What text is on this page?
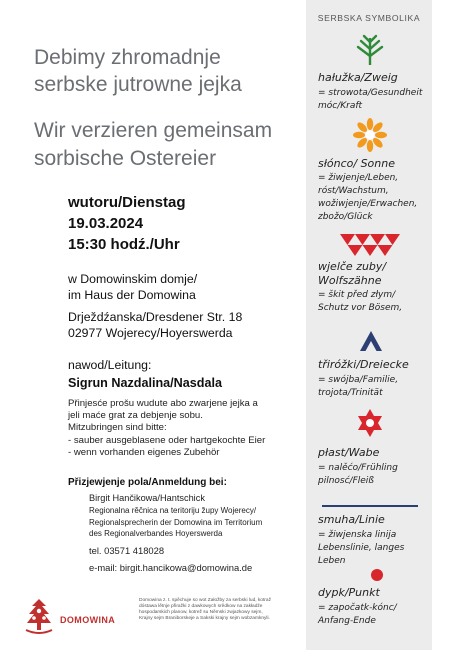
Debimy zhromadnje
serbske jutrowne jejka
Wir verzieren gemeinsam
sorbische Ostereier
wutoru/Dienstag
19.03.2024
15:30 hodź./Uhr
w Domowinskim domje/
im Haus der Domowina
Drježdźanska/Dresdener Str. 18
02977 Wojerecy/Hoyerswerda
nawod/Leitung:
Sigrun Nazdalina/Nasdala
Přinjesće prošu wudute abo zwarjene jejka a
jeli maće grat za debjenje sobu.
Mitzubringen sind bitte:
- sauber ausgeblasene oder hartgekochte Eier
- wenn vorhanden eigenes Zubehör
Přizjewjenje pola/Anmeldung bei:
Birgit Hančikowa/Hantschick
Regionalna rěčnica na teritoriju župy Wojerecy/
Regionalsprecherin der Domowina im Territorium
des Regionalverbandes Hoyerswerda
tel. 03571 418028
e-mail: birgit.hancikowa@domowina.de
DOMOWINA
Domowina z. t. spěchuje so wot Załožby za serbski lud, kotraž
dóstawa lětnje přiražki z dawkowych srědkow na zakładźe
hospodarskich planow, kotrež su Němski zwjazkowy sejm,
Krajny sejm Braniborskeje a Sakski krajny sejm wobzamknyli.
SERBSKA SYMBOLIKA
hałužka/Zweig
= strowota/Gesundheit
móc/Kraft
słónco/ Sonne
= žiwjenje/Leben,
róst/Wachstum,
wožiwjenje/Erwachen,
zbožo/Glück
wjelče zuby/
Wolfszähne
= škit před złym/
Schutz vor Bösem,
třiróžki/Dreiecke
= swójba/Familie,
trojota/Trinität
płast/Wabe
= nalěćo/Frühling
pilnosć/Fleiß
smuha/Linie
= žiwjenska linija
Lebenslinie, langes
Leben
dypk/Punkt
= započatk-kónc/
Anfang-Ende
